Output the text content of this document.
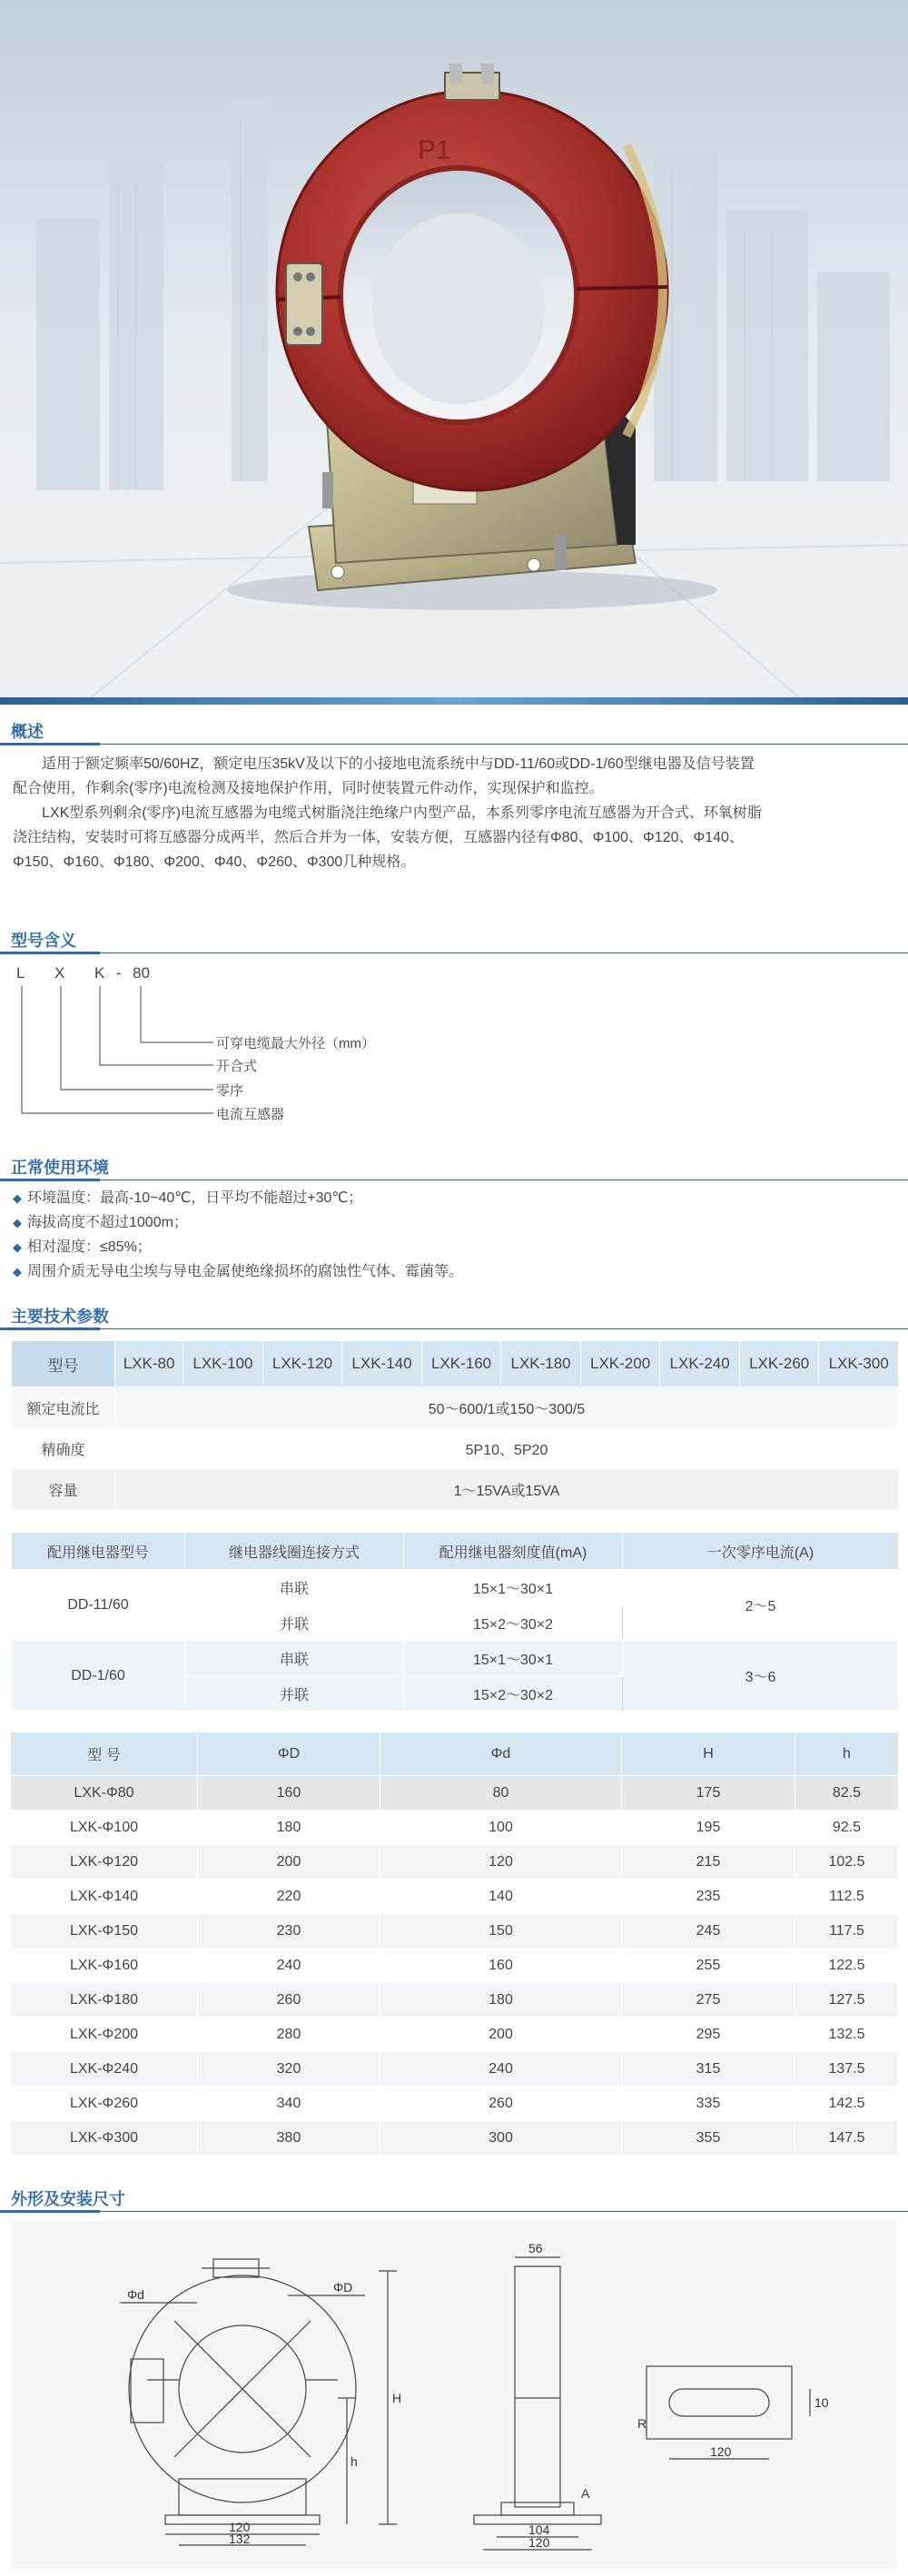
P1
概述
适用于额定频率50/60HZ，额定电压35kV及以下的小接地电流系统中与DD-11/60或DD-1/60型继电器及信号装置
配合使用，作剩余(零序)电流检测及接地保护作用，同时使装置元件动作，实现保护和监控。
LXK型系列剩余(零序)电流互感器为电缆式树脂浇注绝缘户内型产品，本系列零序电流互感器为开合式、环氧树脂
浇注结构，安装时可将互感器分成两半，然后合并为一体，安装方便，互感器内径有Φ80、Φ100、Φ120、Φ140、
Φ150、Φ160、Φ180、Φ200、Φ40、Φ260、Φ300几种规格。
型号含义
L X K - 80
可穿电缆最大外径（mm）
开合式
零序
电流互感器
正常使用环境
◆ 环境温度：最高-10~40℃，日平均不能超过+30℃；
◆ 海拔高度不超过1000m；
◆ 相对湿度：≤85%；
◆ 周围介质无导电尘埃与导电金属使绝缘损坏的腐蚀性气体、霉菌等。
主要技术参数
型号	LXK-80	LXK-100	LXK-120	LXK-140	LXK-160	LXK-180	LXK-200	LXK-240	LXK-260	LXK-300
额定电流比	50～600/1或150～300/5									
精确度	5P10、5P20									
容量	1～15VA或15VA									
配用继电器型号	继电器线圈连接方式	配用继电器刻度值(mA)	一次零序电流(A)
DD-11/60	串联	15×1～30×1	2～5
	并联	15×2～30×2	
DD-1/60	串联	15×1～30×1	3～6
	并联	15×2～30×2	
型 号	ΦD	Φd	H	h
LXK-Φ80	160	80	175	82.5
LXK-Φ100	180	100	195	92.5
LXK-Φ120	200	120	215	102.5
LXK-Φ140	220	140	235	112.5
LXK-Φ150	230	150	245	117.5
LXK-Φ160	240	160	255	122.5
LXK-Φ180	260	180	275	127.5
LXK-Φ200	280	200	295	132.5
LXK-Φ240	320	240	315	137.5
LXK-Φ260	340	260	335	142.5
LXK-Φ300	380	300	355	147.5
外形及安装尺寸
Φd	ΦD
H
h
120
132
56
104
120
A
R
120
10
